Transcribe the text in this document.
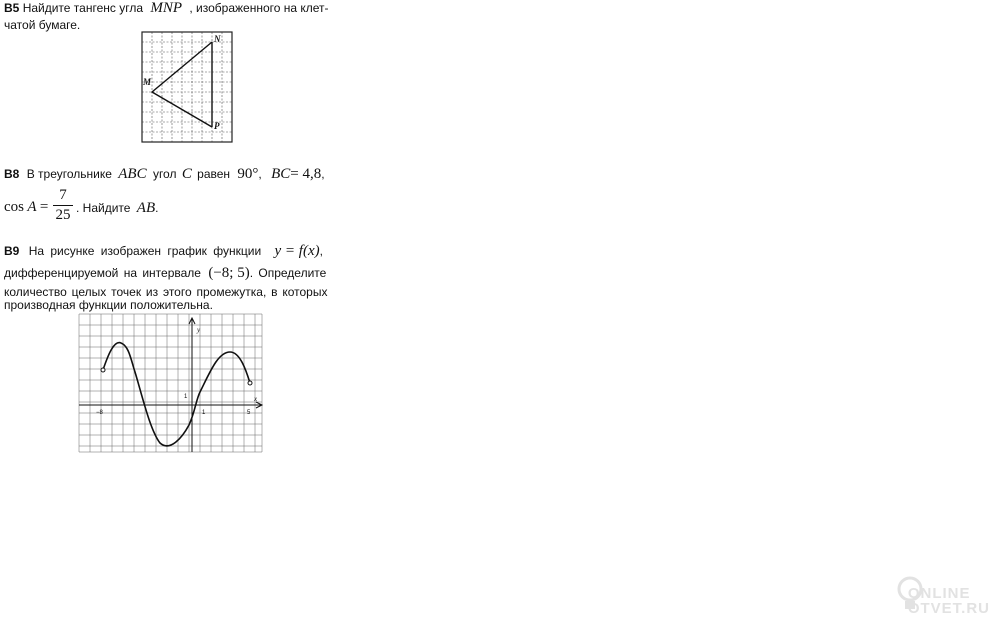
B5 Найдите тангенс угла MNP , изображенного на клет-
чатой бумаге.
M
N
P
B8 В треугольнике ABC угол C равен 90°, BC= 4,8,
cos A =
7
25 . Найдите AB.
B9 На рисунке изображен график функции y = f(x),
дифференцируемой на интервале (−8; 5). Определите
количество целых точек из этого промежутка, в которых
производная функции положительна.
y
x
−8
1
1	5
ONLINE
OTVET.RU
